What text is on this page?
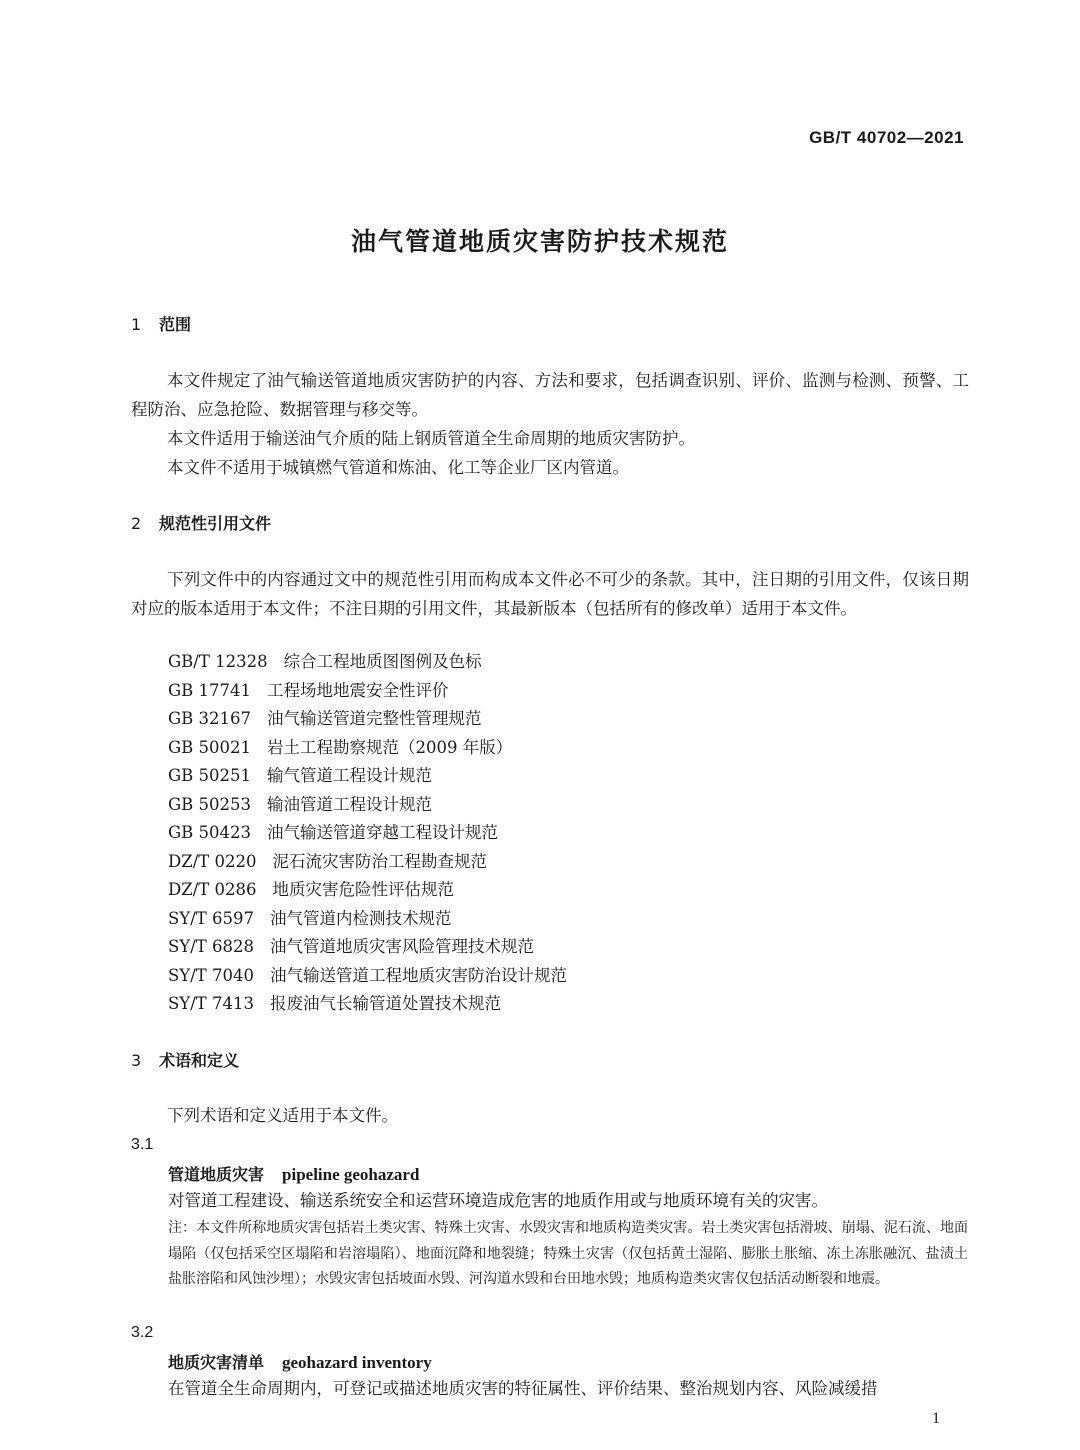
GB/T 40702—2021
油气管道地质灾害防护技术规范
1 范围

本文件规定了油气输送管道地质灾害防护的内容、方法和要求，包括调查识别、评价、监测与检测、预警、工程防治、应急抢险、数据管理与移交等。

本文件适用于输送油气介质的陆上钢质管道全生命周期的地质灾害防护。

本文件不适用于城镇燃气管道和炼油、化工等企业厂区内管道。

2 规范性引用文件

下列文件中的内容通过文中的规范性引用而构成本文件必不可少的条款。其中，注日期的引用文件，仅该日期对应的版本适用于本文件；不注日期的引用文件，其最新版本（包括所有的修改单）适用于本文件。

GB/T 12328 综合工程地质图图例及色标
GB 17741 工程场地地震安全性评价
GB 32167 油气输送管道完整性管理规范
GB 50021 岩土工程勘察规范（2009 年版）
GB 50251 输气管道工程设计规范
GB 50253 输油管道工程设计规范
GB 50423 油气输送管道穿越工程设计规范
DZ/T 0220 泥石流灾害防治工程勘查规范
DZ/T 0286 地质灾害危险性评估规范
SY/T 6597 油气管道内检测技术规范
SY/T 6828 油气管道地质灾害风险管理技术规范
SY/T 7040 油气输送管道工程地质灾害防治设计规范
SY/T 7413 报废油气长输管道处置技术规范
3 术语和定义

下列术语和定义适用于本文件。

3.1
管道地质灾害 pipeline geohazard

对管道工程建设、输送系统安全和运营环境造成危害的地质作用或与地质环境有关的灾害。

注：本文件所称地质灾害包括岩土类灾害、特殊土灾害、水毁灾害和地质构造类灾害。岩土类灾害包括滑坡、崩塌、泥石流、地面塌陷（仅包括采空区塌陷和岩溶塌陷）、地面沉降和地裂缝；特殊土灾害（仅包括黄土湿陷、膨胀土胀缩、冻土冻胀融沉、盐渍土盐胀溶陷和风蚀沙埋）；水毁灾害包括坡面水毁、河沟道水毁和台田地水毁；地质构造类灾害仅包括活动断裂和地震。

3.2
地质灾害清单 geohazard inventory

在管道全生命周期内，可登记或描述地质灾害的特征属性、评价结果、整治规划内容、风险减缓措

1
